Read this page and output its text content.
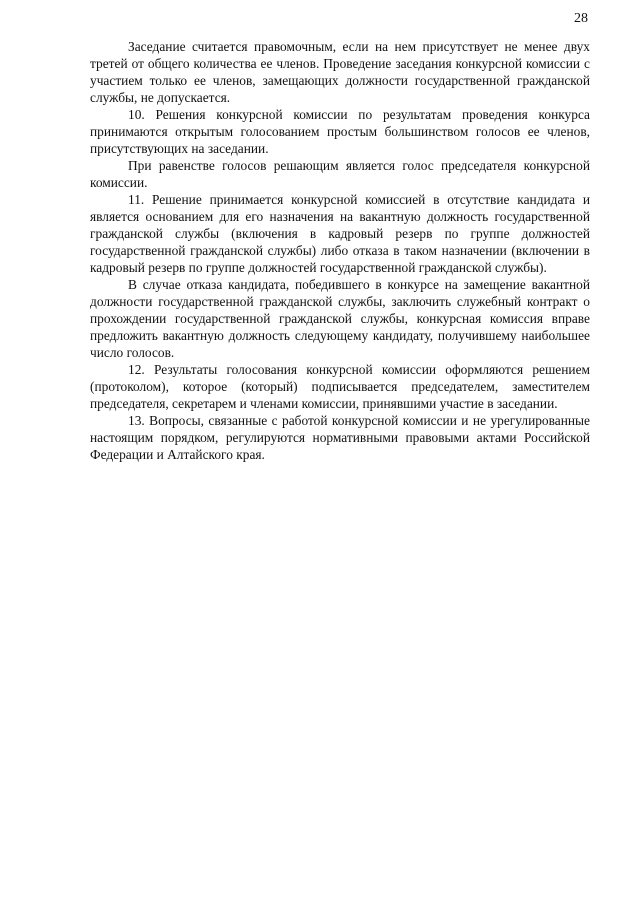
28

Заседание считается правомочным, если на нем присутствует не менее двух третей от общего количества ее членов. Проведение заседания конкурсной комиссии с участием только ее членов, замещающих должности государственной гражданской службы, не допускается.

10. Решения конкурсной комиссии по результатам проведения конкурса принимаются открытым голосованием простым большинством голосов ее членов, присутствующих на заседании.

При равенстве голосов решающим является голос председателя конкурсной комиссии.

11. Решение принимается конкурсной комиссией в отсутствие кандидата и является основанием для его назначения на вакантную должность государственной гражданской службы (включения в кадровый резерв по группе должностей государственной гражданской службы) либо отказа в таком назначении (включении в кадровый резерв по группе должностей государственной гражданской службы).

В случае отказа кандидата, победившего в конкурсе на замещение вакантной должности государственной гражданской службы, заключить служебный контракт о прохождении государственной гражданской службы, конкурсная комиссия вправе предложить вакантную должность следующему кандидату, получившему наибольшее число голосов.

12. Результаты голосования конкурсной комиссии оформляются решением (протоколом), которое (который) подписывается председателем, заместителем председателя, секретарем и членами комиссии, принявшими участие в заседании.

13. Вопросы, связанные с работой конкурсной комиссии и не урегулированные настоящим порядком, регулируются нормативными правовыми актами Российской Федерации и Алтайского края.
